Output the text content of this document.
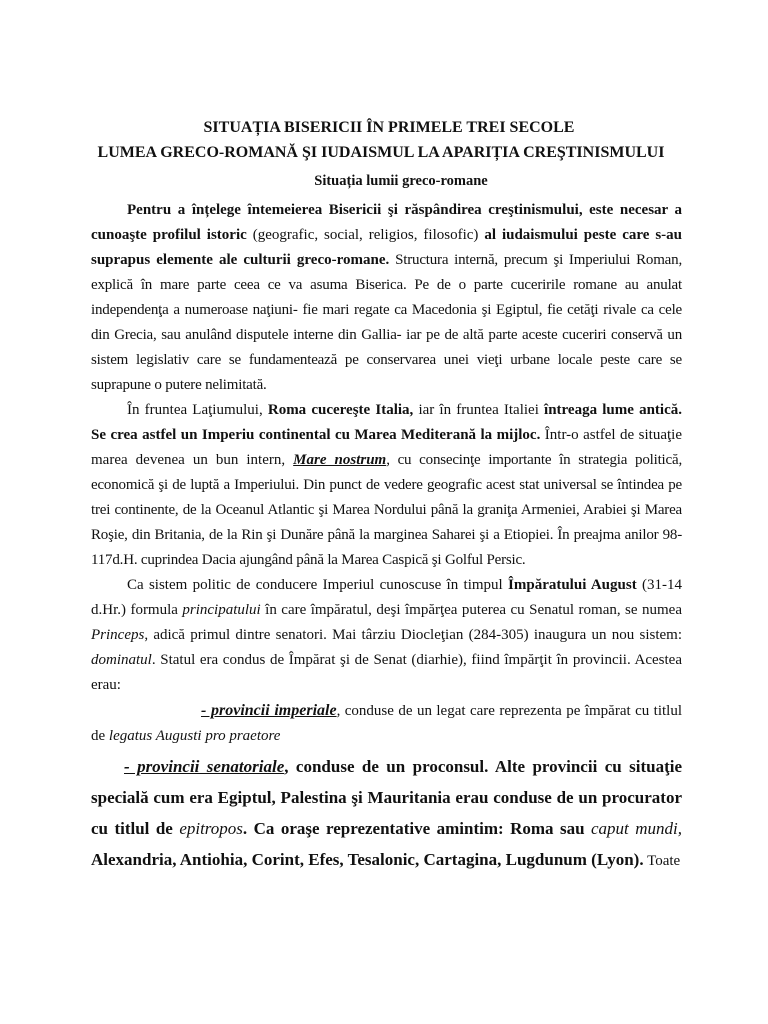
SITUAȚIA BISERICII ÎN PRIMELE TREI SECOLE
LUMEA GRECO-ROMANĂ ŞI IUDAISMUL LA APARIȚIA CREŞTINISMULUI
Situația lumii greco-romane

Pentru a înțelege întemeierea Bisericii şi răspândirea creştinismului, este necesar a cunoaşte profilul istoric (geografic, social, religios, filosofic) al iudaismului peste care s-au suprapus elemente ale culturii greco-romane. Structura internă, precum şi Imperiului Roman, explică în mare parte ceea ce va asuma Biserica. Pe de o parte cuceririle romane au anulat independenţa a numeroase naţiuni- fie mari regate ca Macedonia şi Egiptul, fie cetăţi rivale ca cele din Grecia, sau anulând disputele interne din Gallia- iar pe de altă parte aceste cuceriri conservă un sistem legislativ care se fundamentează pe conservarea unei vieţi urbane locale peste care se suprapune o putere nelimitată.

În fruntea Laţiumului, Roma cucereşte Italia, iar în fruntea Italiei întreaga lume antică. Se crea astfel un Imperiu continental cu Marea Mediterană la mijloc. Într-o astfel de situaţie marea devenea un bun intern, Mare nostrum, cu consecinţe importante în strategia politică, economică şi de luptă a Imperiului. Din punct de vedere geografic acest stat universal se întindea pe trei continente, de la Oceanul Atlantic şi Marea Nordului până la graniţa Armeniei, Arabiei şi Marea Roşie, din Britania, de la Rin şi Dunăre până la marginea Saharei şi a Etiopiei. În preajma anilor 98-117d.H. cuprindea Dacia ajungând până la Marea Caspică şi Golful Persic.

Ca sistem politic de conducere Imperiul cunoscuse în timpul Împăratului August (31-14 d.Hr.) formula principatului în care împăratul, deşi împărţea puterea cu Senatul roman, se numea Princeps, adică primul dintre senatori. Mai târziu Diocleţian (284-305) inaugura un nou sistem: dominatul. Statul era condus de Împărat şi de Senat (diarhie), fiind împărţit în provincii. Acestea erau:

- provincii imperiale, conduse de un legat care reprezenta pe împărat cu titlul de legatus Augusti pro praetore

- provincii senatoriale, conduse de un proconsul. Alte provincii cu situaţie specială cum era Egiptul, Palestina şi Mauritania erau conduse de un procurator cu titlul de epitropos. Ca oraşe reprezentative amintim: Roma sau caput mundi, Alexandria, Antiohia, Corint, Efes, Tesalonic, Cartagina, Lugdunum (Lyon). Toate
